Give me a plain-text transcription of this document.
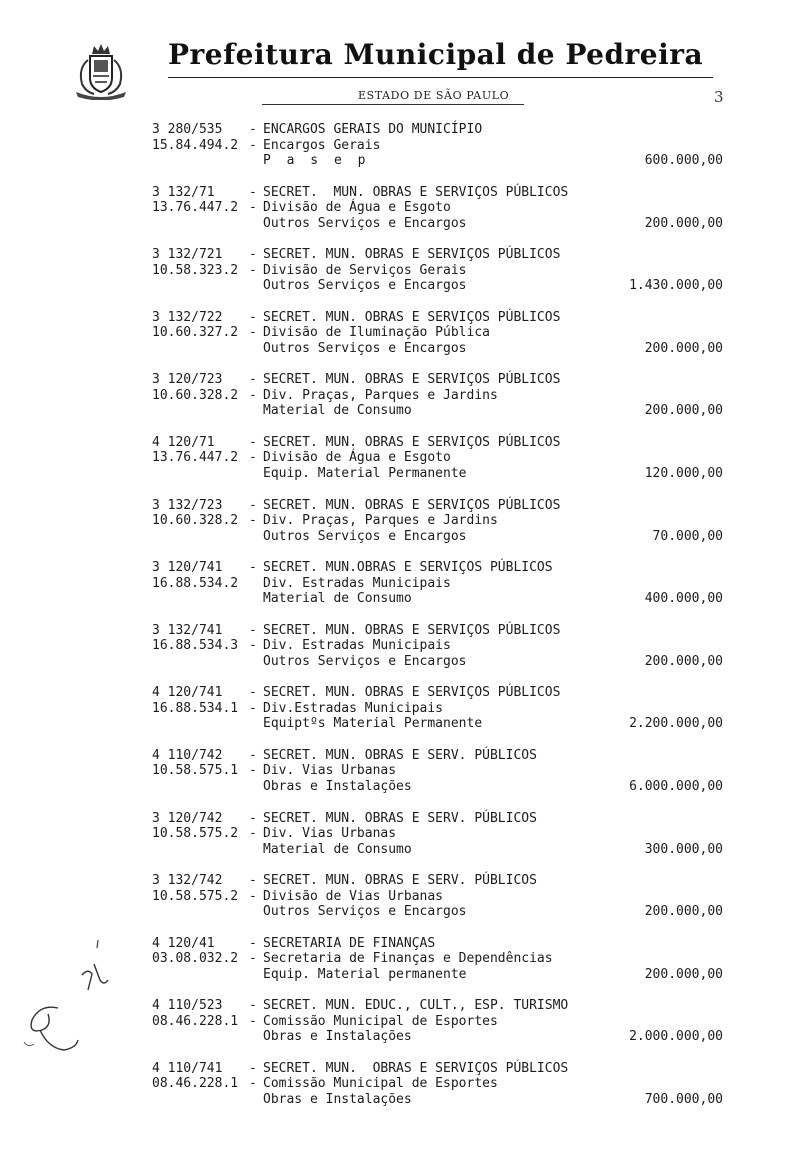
Prefeitura Municipal de Pedreira
ESTADO DE SÃO PAULO	3
3 280/535	- ENCARGOS GERAIS DO MUNICÍPIO
15.84.494.2 - Encargos Gerais
P a s e p	600.000,00
3 132/71	- SECRET.  MUN. OBRAS E SERVIÇOS PÚBLICOS
13.76.447.2 - Divisão de Água e Esgoto
Outros Serviços e Encargos	200.000,00
3 132/721	- SECRET. MUN. OBRAS E SERVIÇOS PÚBLICOS
10.58.323.2 - Divisão de Serviços Gerais
Outros Serviços e Encargos	1.430.000,00
3 132/722	- SECRET. MUN. OBRAS E SERVIÇOS PÚBLICOS
10.60.327.2 - Divisão de Iluminação Pública
Outros Serviços e Encargos	200.000,00
3 120/723	- SECRET. MUN. OBRAS E SERVIÇOS PÚBLICOS
10.60.328.2 - Div. Praças, Parques e Jardins
Material de Consumo	200.000,00
4 120/71	- SECRET. MUN. OBRAS E SERVIÇOS PÚBLICOS
13.76.447.2 - Divisão de Água e Esgoto
Equip. Material Permanente	120.000,00
3 132/723	- SECRET. MUN. OBRAS E SERVIÇOS PÚBLICOS
10.60.328.2 - Div. Praças, Parques e Jardins
Outros Serviços e Encargos	70.000,00
3 120/741	- SECRET. MUN.OBRAS E SERVIÇOS PÚBLICOS
16.88.534.2	Div. Estradas Municipais
Material de Consumo	400.000,00
3 132/741	- SECRET. MUN. OBRAS E SERVIÇOS PÚBLICOS
16.88.534.3 - Div. Estradas Municipais
Outros Serviços e Encargos	200.000,00
4 120/741	- SECRET. MUN. OBRAS E SERVIÇOS PÚBLICOS
16.88.534.1 - Div.Estradas Municipais
Equiptºs Material Permanente	2.200.000,00
4 110/742	- SECRET. MUN. OBRAS E SERV. PÚBLICOS
10.58.575.1 - Div. Vias Urbanas
Obras e Instalações	6.000.000,00
3 120/742	- SECRET. MUN. OBRAS E SERV. PÚBLICOS
10.58.575.2 - Div. Vias Urbanas
Material de Consumo	300.000,00
3 132/742	- SECRET. MUN. OBRAS E SERV. PÚBLICOS
10.58.575.2 - Divisão de Vias Urbanas
Outros Serviços e Encargos	200.000,00
4 120/41	- SECRETARIA DE FINANÇAS
03.08.032.2 - Secretaria de Finanças e Dependências
Equip. Material permanente	200.000,00
4 110/523	- SECRET. MUN. EDUC., CULT., ESP. TURISMO
08.46.228.1 - Comissão Municipal de Esportes
Obras e Instalações	2.000.000,00
4 110/741	- SECRET. MUN.  OBRAS E SERVIÇOS PÚBLICOS
08.46.228.1 - Comissão Municipal de Esportes
Obras e Instalações	700.000,00
